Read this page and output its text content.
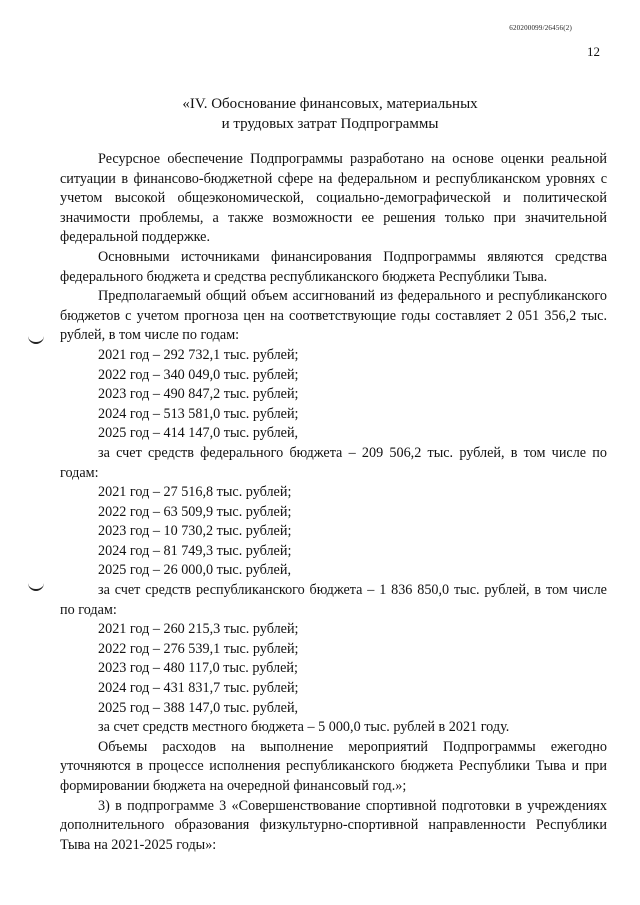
620200099/26456(2)
12
«IV. Обоснование финансовых, материальных
и трудовых затрат Подпрограммы

Ресурсное обеспечение Подпрограммы разработано на основе оценки реальной ситуации в финансово-бюджетной сфере на федеральном и республиканском уровнях с учетом высокой общеэкономической, социально-демографической и политической значимости проблемы, а также возможности ее решения только при значительной федеральной поддержке.

Основными источниками финансирования Подпрограммы являются средства федерального бюджета и средства республиканского бюджета Республики Тыва.

Предполагаемый общий объем ассигнований из федерального и республиканского бюджетов с учетом прогноза цен на соответствующие годы составляет 2 051 356,2 тыс. рублей, в том числе по годам:

2021 год – 292 732,1 тыс. рублей;

2022 год – 340 049,0 тыс. рублей;

2023 год – 490 847,2 тыс. рублей;

2024 год – 513 581,0 тыс. рублей;

2025 год – 414 147,0 тыс. рублей,

за счет средств федерального бюджета – 209 506,2 тыс. рублей, в том числе по годам:

2021 год – 27 516,8 тыс. рублей;

2022 год – 63 509,9 тыс. рублей;

2023 год – 10 730,2 тыс. рублей;

2024 год – 81 749,3 тыс. рублей;

2025 год – 26 000,0 тыс. рублей,

за счет средств республиканского бюджета – 1 836 850,0 тыс. рублей, в том числе по годам:

2021 год – 260 215,3 тыс. рублей;

2022 год – 276 539,1 тыс. рублей;

2023 год – 480 117,0 тыс. рублей;

2024 год – 431 831,7 тыс. рублей;

2025 год – 388 147,0 тыс. рублей,

за счет средств местного бюджета – 5 000,0 тыс. рублей в 2021 году.

Объемы расходов на выполнение мероприятий Подпрограммы ежегодно уточняются в процессе исполнения республиканского бюджета Республики Тыва и при формировании бюджета на очередной финансовый год.»;

3) в подпрограмме 3 «Совершенствование спортивной подготовки в учреждениях дополнительного образования физкультурно-спортивной направленности Республики Тыва на 2021-2025 годы»:
